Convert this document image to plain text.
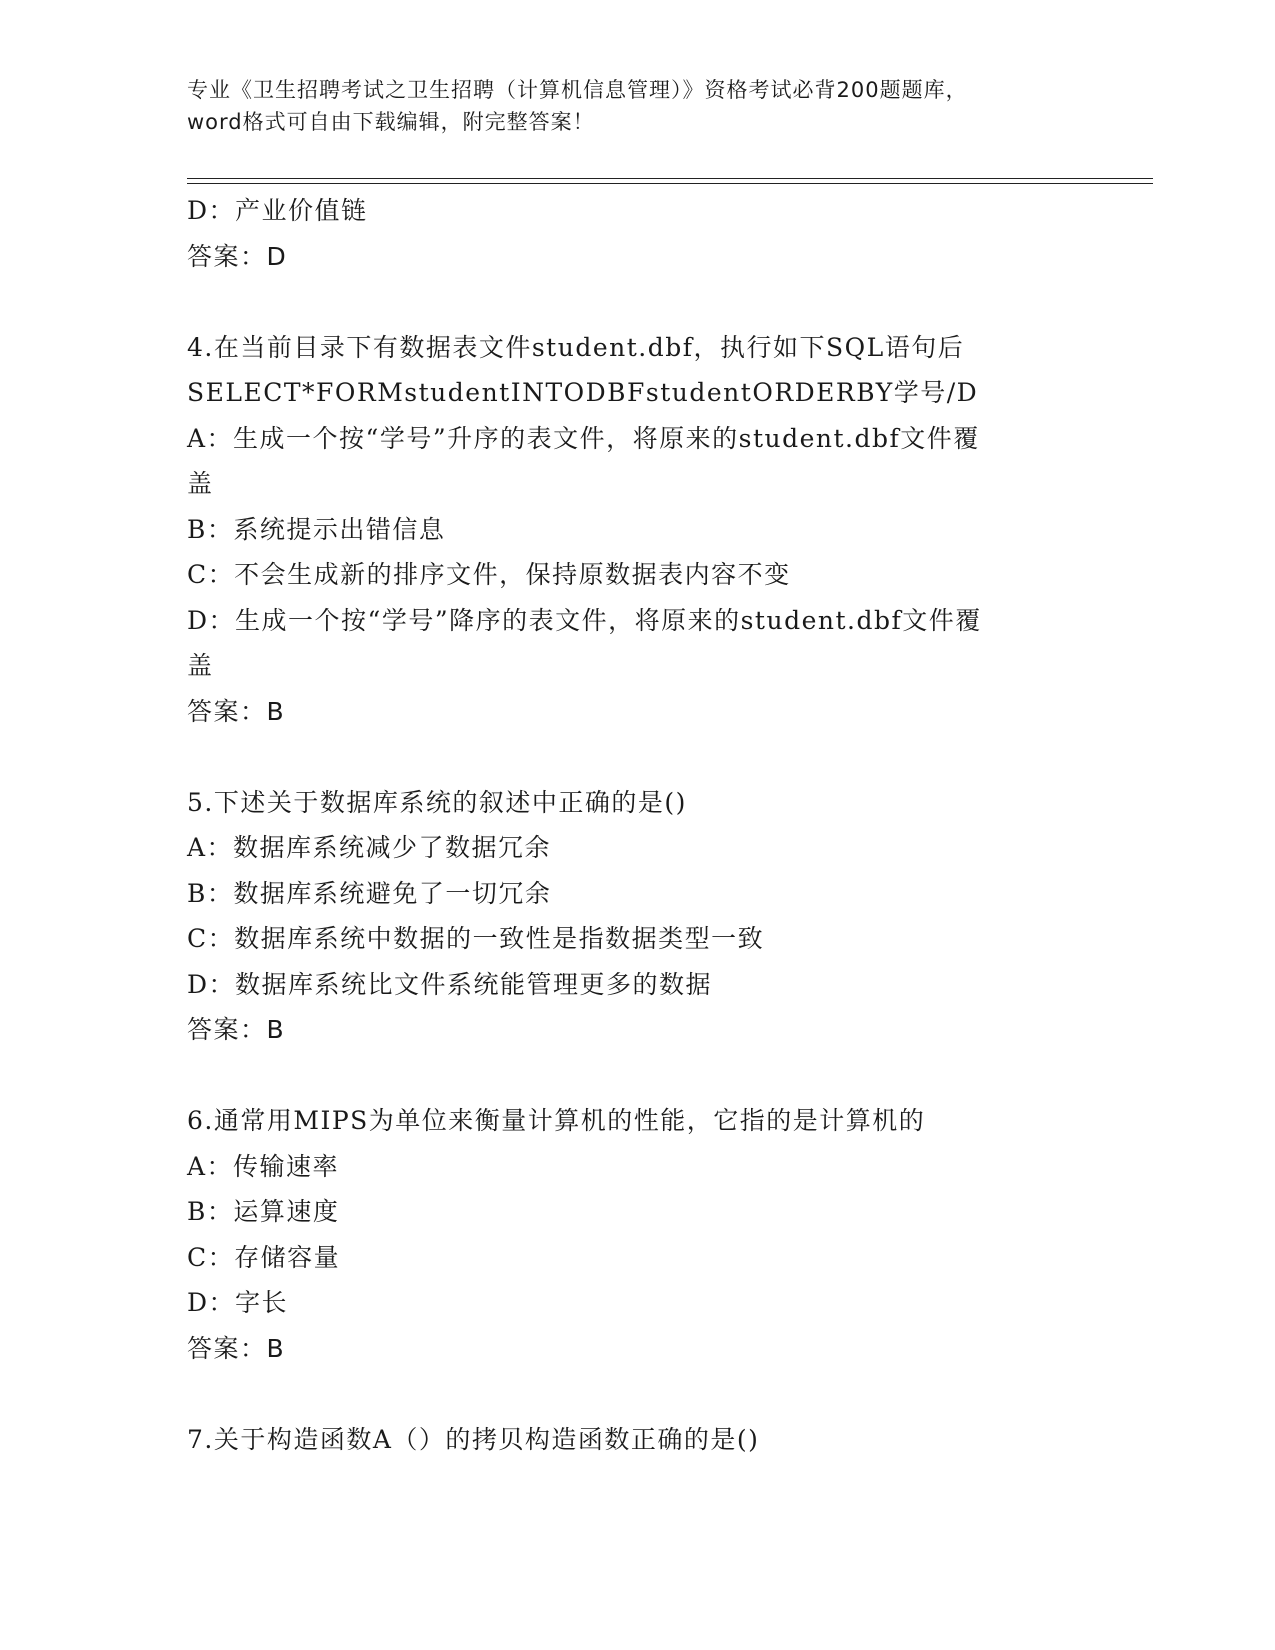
专业《卫生招聘考试之卫生招聘（计算机信息管理）》资格考试必背200题题库，
word格式可自由下载编辑，附完整答案！
D：产业价值链
答案：D
4.在当前目录下有数据表文件student.dbf，执行如下SQL语句后
SELECT*FORMstudentINTODBFstudentORDERBY学号/D
A：生成一个按“学号”升序的表文件，将原来的student.dbf文件覆
盖
B：系统提示出错信息
C：不会生成新的排序文件，保持原数据表内容不变
D：生成一个按“学号”降序的表文件，将原来的student.dbf文件覆
盖
答案：B
5.下述关于数据库系统的叙述中正确的是()
A：数据库系统减少了数据冗余
B：数据库系统避免了一切冗余
C：数据库系统中数据的一致性是指数据类型一致
D：数据库系统比文件系统能管理更多的数据
答案：B
6.通常用MIPS为单位来衡量计算机的性能，它指的是计算机的
A：传输速率
B：运算速度
C：存储容量
D：字长
答案：B
7.关于构造函数A（）的拷贝构造函数正确的是()
